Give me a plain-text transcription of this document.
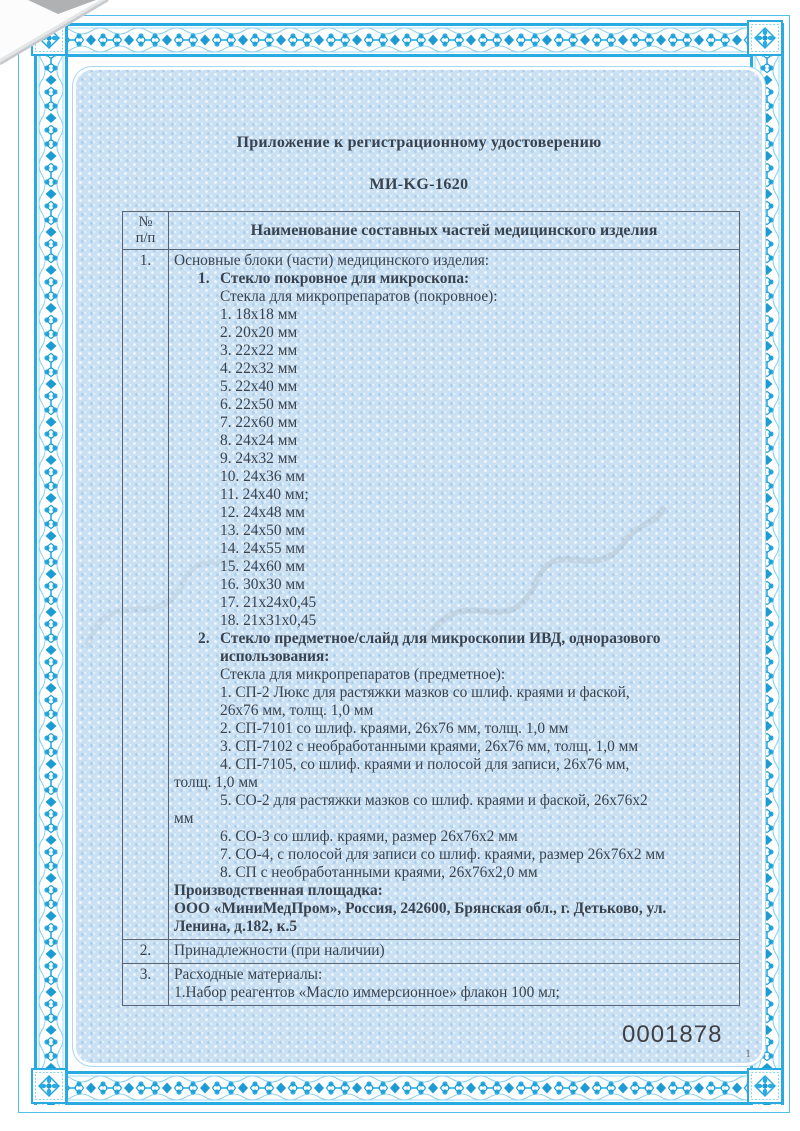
Приложение к регистрационному удостоверению
МИ-KG-1620
№
п/п	Наименование составных частей медицинского изделия
1.	Основные блоки (части) медицинского изделия:
1. Стекло покровное для микроскопа:
Стекла для микропрепаратов (покровное):
1. 18х18 мм
2. 20х20 мм
3. 22х22 мм
4. 22х32 мм
5. 22х40 мм
6. 22х50 мм
7. 22х60 мм
8. 24х24 мм
9. 24х32 мм
10. 24х36 мм
11. 24х40 мм;
12. 24х48 мм
13. 24х50 мм
14. 24х55 мм
15. 24х60 мм
16. 30х30 мм
17. 21х24х0,45
18. 21х31х0,45
2. Стекло предметное/слайд для микроскопии ИВД, одноразового
использования:
Стекла для микропрепаратов (предметное):
1. СП-2 Люкс для растяжки мазков со шлиф. краями и фаской,
26х76 мм, толщ. 1,0 мм
2. СП-7101 со шлиф. краями, 26х76 мм, толщ. 1,0 мм
3. СП-7102 с необработанными краями, 26х76 мм, толщ. 1,0 мм
4. СП-7105, со шлиф. краями и полосой для записи, 26х76 мм,
толщ. 1,0 мм
5. СО-2 для растяжки мазков со шлиф. краями и фаской, 26х76х2
мм
6. СО-3 со шлиф. краями, размер 26х76х2 мм
7. СО-4, с полосой для записи со шлиф. краями, размер 26х76х2 мм
8. СП с необработанными краями, 26х76х2,0 мм
Производственная площадка:
ООО «МиниМедПром», Россия, 242600, Брянская обл., г. Детьково, ул.
Ленина, д.182, к.5
2.	Принадлежности (при наличии)
3.	Расходные материалы:
1.Набор реагентов «Масло иммерсионное» флакон 100 мл;
0001878
1
